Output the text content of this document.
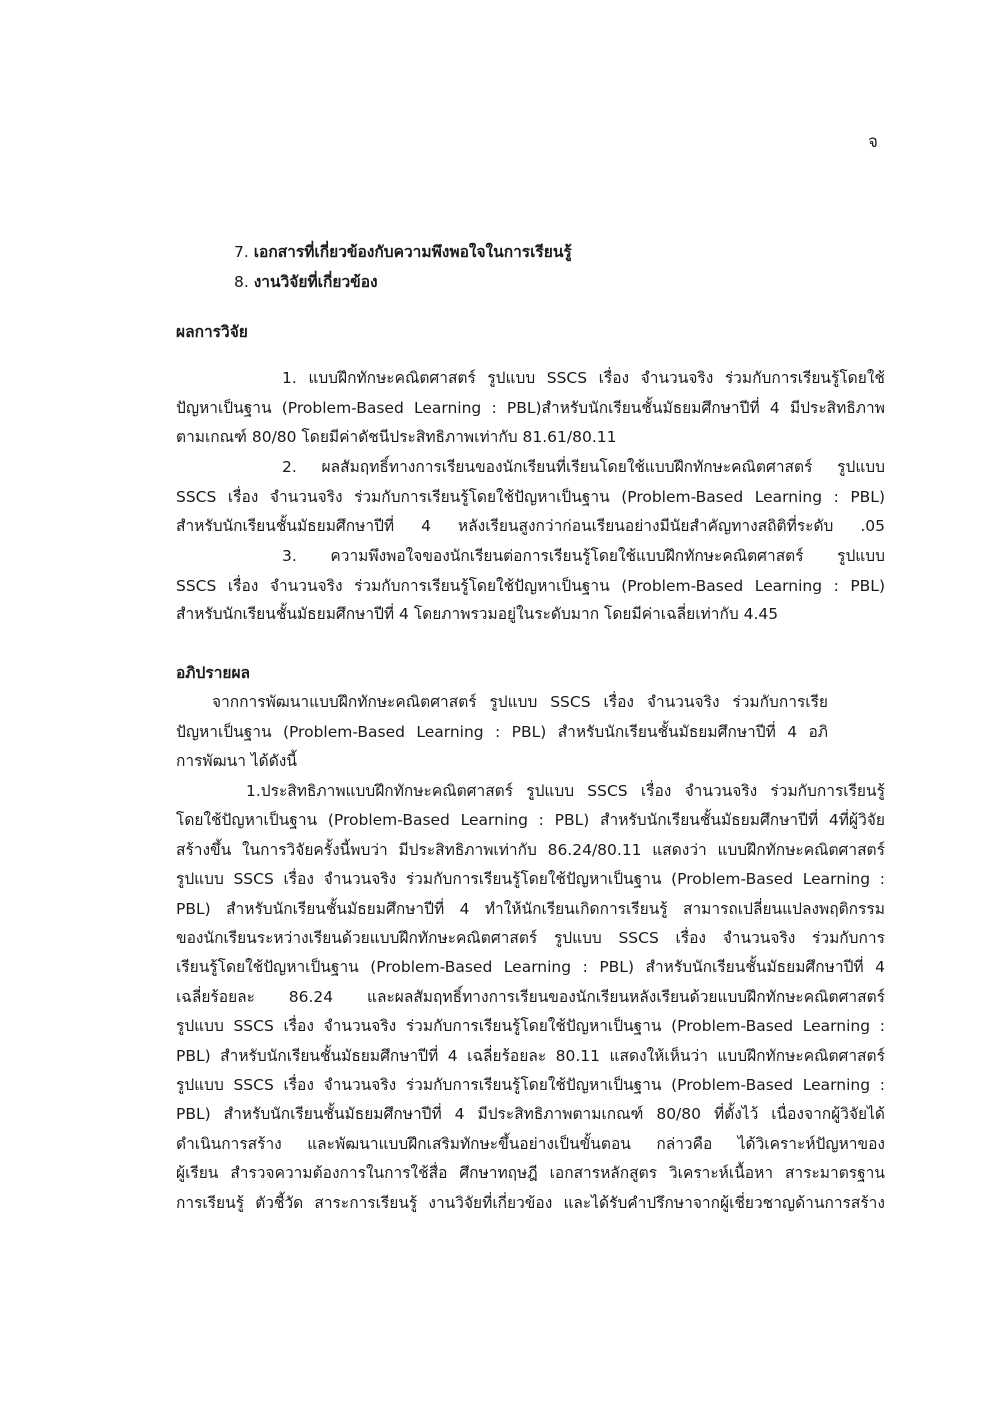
จ
7. เอกสารที่เกี่ยวข้องกับความพึงพอใจในการเรียนรู้
8. งานวิจัยที่เกี่ยวข้อง
ผลการวิจัย
1. แบบฝึกทักษะคณิตศาสตร์ รูปแบบ SSCS เรื่อง จำนวนจริง ร่วมกับการเรียนรู้โดยใช้
ปัญหาเป็นฐาน (Problem-Based Learning : PBL)สำหรับนักเรียนชั้นมัธยมศึกษาปีที่ 4 มีประสิทธิภาพ
ตามเกณฑ์ 80/80 โดยมีค่าดัชนีประสิทธิภาพเท่ากับ 81.61/80.11
2. ผลสัมฤทธิ์ทางการเรียนของนักเรียนที่เรียนโดยใช้แบบฝึกทักษะคณิตศาสตร์ รูปแบบ
SSCS เรื่อง จำนวนจริง ร่วมกับการเรียนรู้โดยใช้ปัญหาเป็นฐาน (Problem-Based Learning : PBL)
สำหรับนักเรียนชั้นมัธยมศึกษาปีที่ 4 หลังเรียนสูงกว่าก่อนเรียนอย่างมีนัยสำคัญทางสถิติที่ระดับ .05
3. ความพึงพอใจของนักเรียนต่อการเรียนรู้โดยใช้แบบฝึกทักษะคณิตศาสตร์ รูปแบบ
SSCS เรื่อง จำนวนจริง ร่วมกับการเรียนรู้โดยใช้ปัญหาเป็นฐาน (Problem-Based Learning : PBL)
สำหรับนักเรียนชั้นมัธยมศึกษาปีที่ 4 โดยภาพรวมอยู่ในระดับมาก โดยมีค่าเฉลี่ยเท่ากับ 4.45
อภิปรายผล
จากการพัฒนาแบบฝึกทักษะคณิตศาสตร์ รูปแบบ SSCS เรื่อง จำนวนจริง ร่วมกับการเรีย
ปัญหาเป็นฐาน (Problem-Based Learning : PBL) สำหรับนักเรียนชั้นมัธยมศึกษาปีที่ 4 อภิ
การพัฒนา ได้ดังนี้
1.ประสิทธิภาพแบบฝึกทักษะคณิตศาสตร์ รูปแบบ SSCS เรื่อง จำนวนจริง ร่วมกับการเรียนรู้
โดยใช้ปัญหาเป็นฐาน (Problem-Based Learning : PBL) สำหรับนักเรียนชั้นมัธยมศึกษาปีที่ 4ที่ผู้วิจัย
สร้างขึ้น ในการวิจัยครั้งนี้พบว่า มีประสิทธิภาพเท่ากับ 86.24/80.11 แสดงว่า แบบฝึกทักษะคณิตศาสตร์
รูปแบบ SSCS เรื่อง จำนวนจริง ร่วมกับการเรียนรู้โดยใช้ปัญหาเป็นฐาน (Problem-Based Learning :
PBL) สำหรับนักเรียนชั้นมัธยมศึกษาปีที่ 4 ทำให้นักเรียนเกิดการเรียนรู้ สามารถเปลี่ยนแปลงพฤติกรรม
ของนักเรียนระหว่างเรียนด้วยแบบฝึกทักษะคณิตศาสตร์ รูปแบบ SSCS เรื่อง จำนวนจริง ร่วมกับการ
เรียนรู้โดยใช้ปัญหาเป็นฐาน (Problem-Based Learning : PBL) สำหรับนักเรียนชั้นมัธยมศึกษาปีที่ 4
เฉลี่ยร้อยละ 86.24 และผลสัมฤทธิ์ทางการเรียนของนักเรียนหลังเรียนด้วยแบบฝึกทักษะคณิตศาสตร์
รูปแบบ SSCS เรื่อง จำนวนจริง ร่วมกับการเรียนรู้โดยใช้ปัญหาเป็นฐาน (Problem-Based Learning :
PBL) สำหรับนักเรียนชั้นมัธยมศึกษาปีที่ 4 เฉลี่ยร้อยละ 80.11 แสดงให้เห็นว่า แบบฝึกทักษะคณิตศาสตร์
รูปแบบ SSCS เรื่อง จำนวนจริง ร่วมกับการเรียนรู้โดยใช้ปัญหาเป็นฐาน (Problem-Based Learning :
PBL) สำหรับนักเรียนชั้นมัธยมศึกษาปีที่ 4 มีประสิทธิภาพตามเกณฑ์ 80/80 ที่ตั้งไว้ เนื่องจากผู้วิจัยได้
ดำเนินการสร้าง และพัฒนาแบบฝึกเสริมทักษะขึ้นอย่างเป็นขั้นตอน กล่าวคือ ได้วิเคราะห์ปัญหาของ
ผู้เรียน สำรวจความต้องการในการใช้สื่อ ศึกษาทฤษฎี เอกสารหลักสูตร วิเคราะห์เนื้อหา สาระมาตรฐาน
การเรียนรู้ ตัวชี้วัด สาระการเรียนรู้ งานวิจัยที่เกี่ยวข้อง และได้รับคำปรึกษาจากผู้เชี่ยวชาญด้านการสร้าง
